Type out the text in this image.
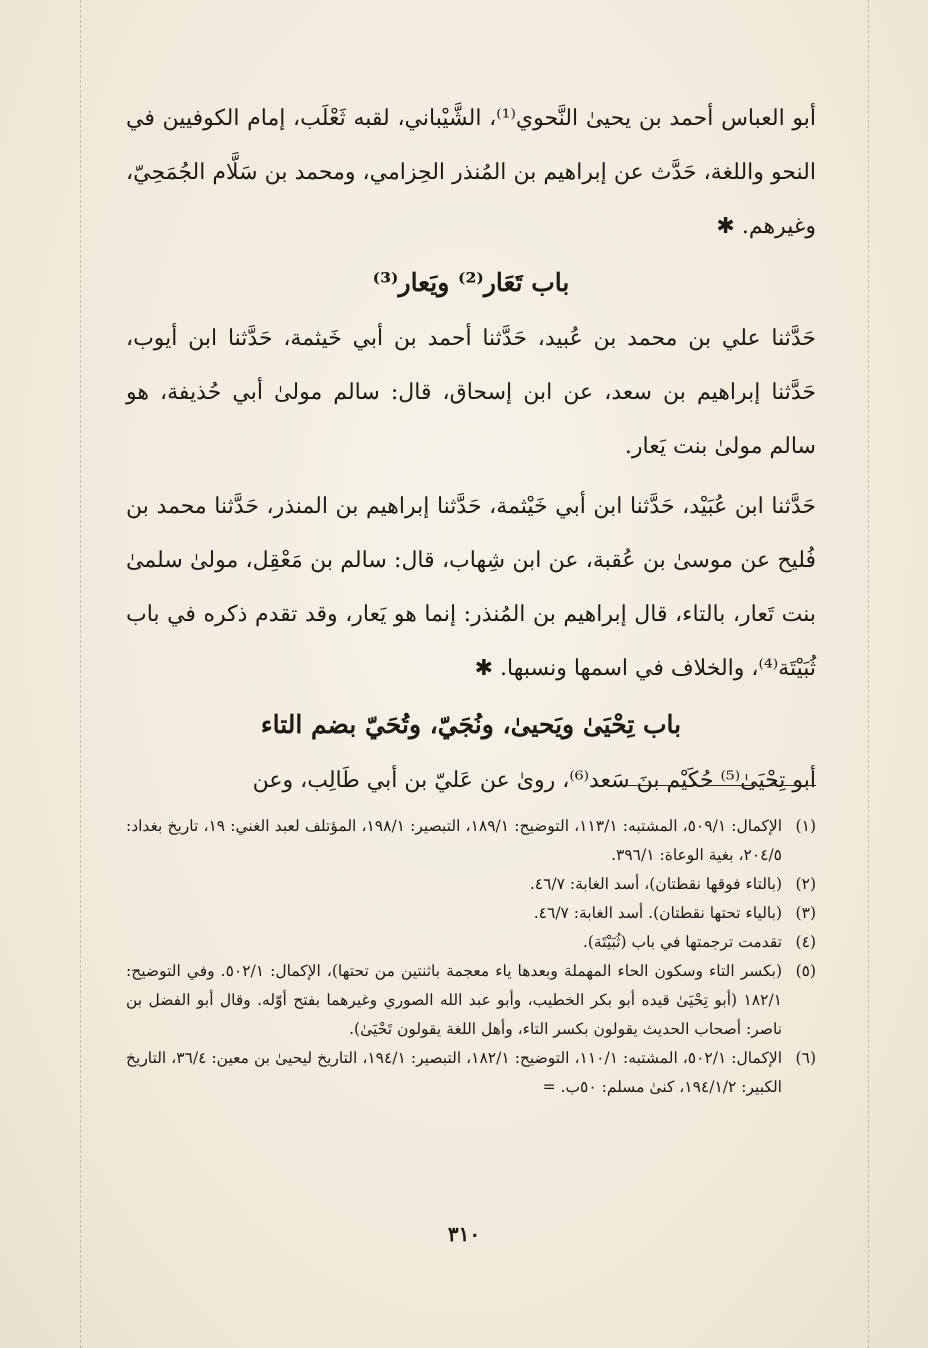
أبو العباس أحمد بن يحيىٰ النَّحوي⁽¹⁾، الشَّيْباني، لقبه ثَعْلَب، إمام الكوفيين في النحو واللغة، حَدَّث عن إبراهيم بن المُنذر الحِزامي، ومحمد بن سَلَّام الجُمَحِيّ، وغيرهم. ✱

باب تَعَار⁽²⁾ ويَعار⁽³⁾

حَدَّثنا علي بن محمد بن عُبيد، حَدَّثنا أحمد بن أبي خَيثمة، حَدَّثنا ابن أيوب، حَدَّثنا إبراهيم بن سعد، عن ابن إسحاق، قال: سالم مولىٰ أبي حُذيفة، هو سالم مولىٰ بنت يَعار.

حَدَّثنا ابن عُبَيْد، حَدَّثنا ابن أبي خَيْثمة، حَدَّثنا إبراهيم بن المنذر، حَدَّثنا محمد بن فُليح عن موسىٰ بن عُقبة، عن ابن شِهاب، قال: سالم بن مَعْقِل، مولىٰ سلمىٰ بنت تَعار، بالتاء، قال إبراهيم بن المُنذر: إنما هو يَعار، وقد تقدم ذكره في باب ثُبَيْتَة⁽⁴⁾، والخلاف في اسمها ونسبها. ✱

باب تِحْيَىٰ ويَحيىٰ، ونُجَيّ، وتُحَيّ بضم التاء

أبو تِحْيَىٰ⁽⁵⁾ حُكَيْم بنَ سَعد⁽⁶⁾، روىٰ عن عَليّ بن أبي طَالِب، وعن

(١)الإكمال: ٥٠٩/١، المشتبه: ١١٣/١، التوضيح: ١٨٩/١، التبصير: ١٩٨/١، المؤتلف لعبد الغني: ١٩، تاريخ بغداد: ٢٠٤/٥، بغية الوعاة: ٣٩٦/١.

(٢)(بالتاء فوقها نقطتان)، أسد الغابة: ٤٦/٧.

(٣)(بالياء تحتها نقطتان). أسد الغابة: ٤٦/٧.

(٤)تقدمت ترجمتها في باب (ثُبَيْتَة).

(٥)(بكسر التاء وسكون الحاء المهملة وبعدها ياء معجمة باثنتين من تحتها)، الإكمال: ٥٠٢/١. وفي التوضيح: ١٨٢/١ (أبو تِحْيَىٰ قيده أبو بكر الخطيب، وأبو عبد الله الصوري وغيرهما بفتح أوّله. وقال أبو الفضل بن ناصر: أصحاب الحديث يقولون بكسر التاء، وأهل اللغة يقولون تَحْيَىٰ).

(٦)الإكمال: ٥٠٢/١، المشتبه: ١١٠/١، التوضيح: ١٨٢/١، التبصير: ١٩٤/١، التاريخ ليحيىٰ بن معين: ٣٦/٤، التاريخ الكبير: ١٩٤/١/٢، كنىٰ مسلم: ٥٠ب. =

٣١٠
